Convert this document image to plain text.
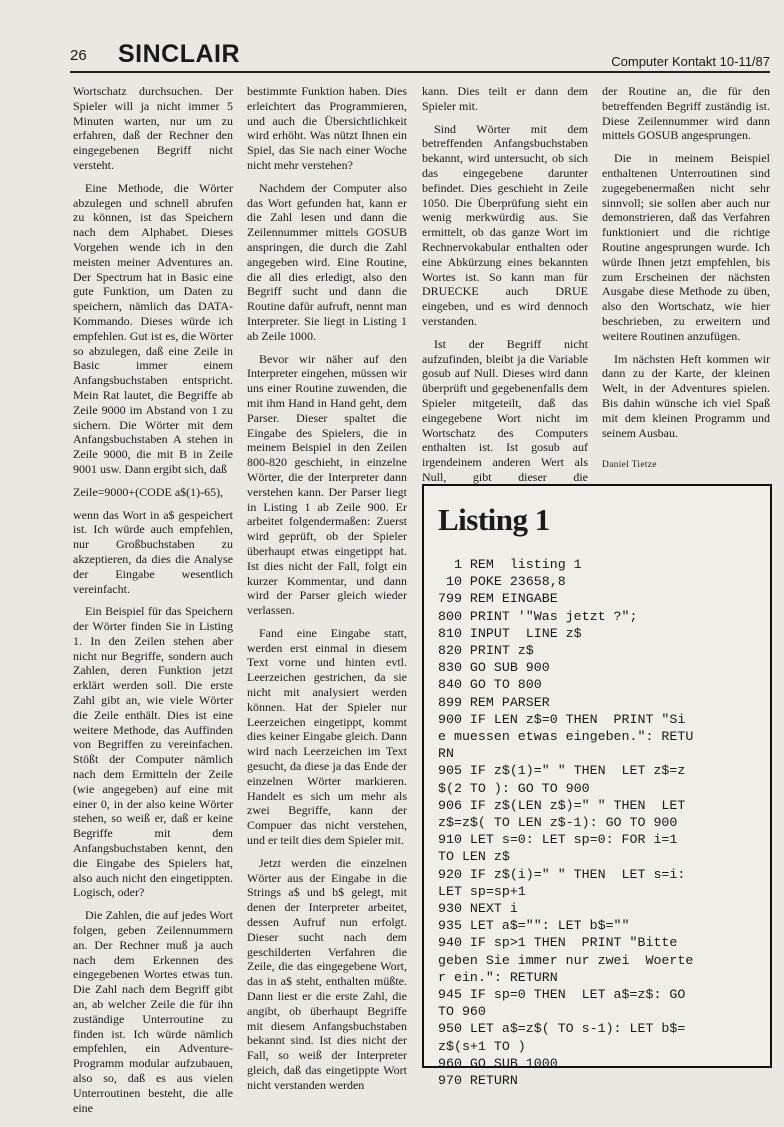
26 SINCLAIR	Computer Kontakt 10-11/87

Wortschatz durchsuchen. Der Spieler will ja nicht immer 5 Minuten warten, nur um zu erfahren, daß der Rechner den eingegebenen Begriff nicht versteht.

Eine Methode, die Wörter abzulegen und schnell abrufen zu können, ist das Speichern nach dem Alphabet. Dieses Vorgehen wende ich in den meisten meiner Adventures an. Der Spectrum hat in Basic eine gute Funktion, um Daten zu speichern, nämlich das DATA-Kommando. Dieses würde ich empfehlen. Gut ist es, die Wörter so abzulegen, daß eine Zeile in Basic immer einem Anfangsbuchstaben entspricht. Mein Rat lautet, die Begriffe ab Zeile 9000 im Abstand von 1 zu sichern. Die Wörter mit dem Anfangsbuchstaben A stehen in Zeile 9000, die mit B in Zeile 9001 usw. Dann ergibt sich, daß

Zeile=9000+(CODE a$(1)-65),

wenn das Wort in a$ gespeichert ist. Ich würde auch empfehlen, nur Großbuchstaben zu akzeptieren, da dies die Analyse der Eingabe wesentlich vereinfacht.

Ein Beispiel für das Speichern der Wörter finden Sie in Listing 1. In den Zeilen stehen aber nicht nur Begriffe, sondern auch Zahlen, deren Funktion jetzt erklärt werden soll. Die erste Zahl gibt an, wie viele Wörter die Zeile enthält. Dies ist eine weitere Methode, das Auffinden von Begriffen zu vereinfachen. Stößt der Computer nämlich nach dem Ermitteln der Zeile (wie angegeben) auf eine mit einer 0, in der also keine Wörter stehen, so weiß er, daß er keine Begriffe mit dem Anfangsbuchstaben kennt, den die Eingabe des Spielers hat, also auch nicht den eingetippten. Logisch, oder?

Die Zahlen, die auf jedes Wort folgen, geben Zeilennummern an. Der Rechner muß ja auch nach dem Erkennen des eingegebenen Wortes etwas tun. Die Zahl nach dem Begriff gibt an, ab welcher Zeile die für ihn zuständige Unterroutine zu finden ist. Ich würde nämlich empfehlen, ein Adventure-Programm modular aufzubauen, also so, daß es aus vielen Unterroutinen besteht, die alle eine

bestimmte Funktion haben. Dies erleichtert das Programmieren, und auch die Übersichtlichkeit wird erhöht. Was nützt Ihnen ein Spiel, das Sie nach einer Woche nicht mehr verstehen?

Nachdem der Computer also das Wort gefunden hat, kann er die Zahl lesen und dann die Zeilennummer mittels GOSUB anspringen, die durch die Zahl angegeben wird. Eine Routine, die all dies erledigt, also den Begriff sucht und dann die Routine dafür aufruft, nennt man Interpreter. Sie liegt in Listing 1 ab Zeile 1000.

Bevor wir näher auf den Interpreter eingehen, müssen wir uns einer Routine zuwenden, die mit ihm Hand in Hand geht, dem Parser. Dieser spaltet die Eingabe des Spielers, die in meinem Beispiel in den Zeilen 800-820 geschieht, in einzelne Wörter, die der Interpreter dann verstehen kann. Der Parser liegt in Listing 1 ab Zeile 900. Er arbeitet folgendermaßen: Zuerst wird geprüft, ob der Spieler überhaupt etwas eingetippt hat. Ist dies nicht der Fall, folgt ein kurzer Kommentar, und dann wird der Parser gleich wieder verlassen.

Fand eine Eingabe statt, werden erst einmal in diesem Text vorne und hinten evtl. Leerzeichen gestrichen, da sie nicht mit analysiert werden können. Hat der Spieler nur Leerzeichen eingetippt, kommt dies keiner Eingabe gleich. Dann wird nach Leerzeichen im Text gesucht, da diese ja das Ende der einzelnen Wörter markieren. Handelt es sich um mehr als zwei Begriffe, kann der Compuer das nicht verstehen, und er teilt dies dem Spieler mit.

Jetzt werden die einzelnen Wörter aus der Eingabe in die Strings a$ und b$ gelegt, mit denen der Interpreter arbeitet, dessen Aufruf nun erfolgt. Dieser sucht nach dem geschilderten Verfahren die Zeile, die das eingegebene Wort, das in a$ steht, enthalten müßte. Dann liest er die erste Zahl, die angibt, ob überhaupt Begriffe mit diesem Anfangsbuchstaben bekannt sind. Ist dies nicht der Fall, so weiß der Interpreter gleich, daß das eingetippte Wort nicht verstanden werden

kann. Dies teilt er dann dem Spieler mit.

Sind Wörter mit dem betreffenden Anfangsbuchstaben bekannt, wird untersucht, ob sich das eingegebene darunter befindet. Dies geschieht in Zeile 1050. Die Überprüfung sieht ein wenig merkwürdig aus. Sie ermittelt, ob das ganze Wort im Rechnervokabular enthalten oder eine Abkürzung eines bekannten Wortes ist. So kann man für DRUECKE auch DRUE eingeben, und es wird dennoch verstanden.

Ist der Begriff nicht aufzufinden, bleibt ja die Variable gosub auf Null. Dieses wird dann überprüft und gegebenenfalls dem Spieler mitgeteilt, daß das eingegebene Wort nicht im Wortschatz des Computers enthalten ist. Ist gosub auf irgendeinem anderen Wert als Null, gibt dieser die

der Routine an, die für den betreffenden Begriff zuständig ist. Diese Zeilennummer wird dann mittels GOSUB angesprungen.

Die in meinem Beispiel enthaltenen Unterroutinen sind zugegebenermaßen nicht sehr sinnvoll; sie sollen aber auch nur demonstrieren, daß das Verfahren funktioniert und die richtige Routine angesprungen wurde. Ich würde Ihnen jetzt empfehlen, bis zum Erscheinen der nächsten Ausgabe diese Methode zu üben, also den Wortschatz, wie hier beschrieben, zu erweitern und weitere Routinen anzufügen.

Im nächsten Heft kommen wir dann zu der Karte, der kleinen Welt, in der Adventures spielen. Bis dahin wünsche ich viel Spaß mit dem kleinen Programm und seinem Ausbau.

Daniel Tietze
Listing 1
1 REM  listing 1
10 POKE 23658,8
799 REM EINGABE
800 PRINT '"Was jetzt ?";
810 INPUT  LINE z$
820 PRINT z$
830 GO SUB 900
840 GO TO 800
899 REM PARSER
900 IF LEN z$=0 THEN  PRINT "Si
e muessen etwas eingeben.": RETU
RN
905 IF z$(1)=" " THEN  LET z$=z
$(2 TO ): GO TO 900
906 IF z$(LEN z$)=" " THEN  LET
z$=z$( TO LEN z$-1): GO TO 900
910 LET s=0: LET sp=0: FOR i=1
TO LEN z$
920 IF z$(i)=" " THEN  LET s=i:
LET sp=sp+1
930 NEXT i
935 LET a$="": LET b$=""
940 IF sp>1 THEN  PRINT "Bitte
geben Sie immer nur zwei  Woerte
r ein.": RETURN
945 IF sp=0 THEN  LET a$=z$: GO
TO 960
950 LET a$=z$( TO s-1): LET b$=
z$(s+1 TO )
960 GO SUB 1000
970 RETURN
